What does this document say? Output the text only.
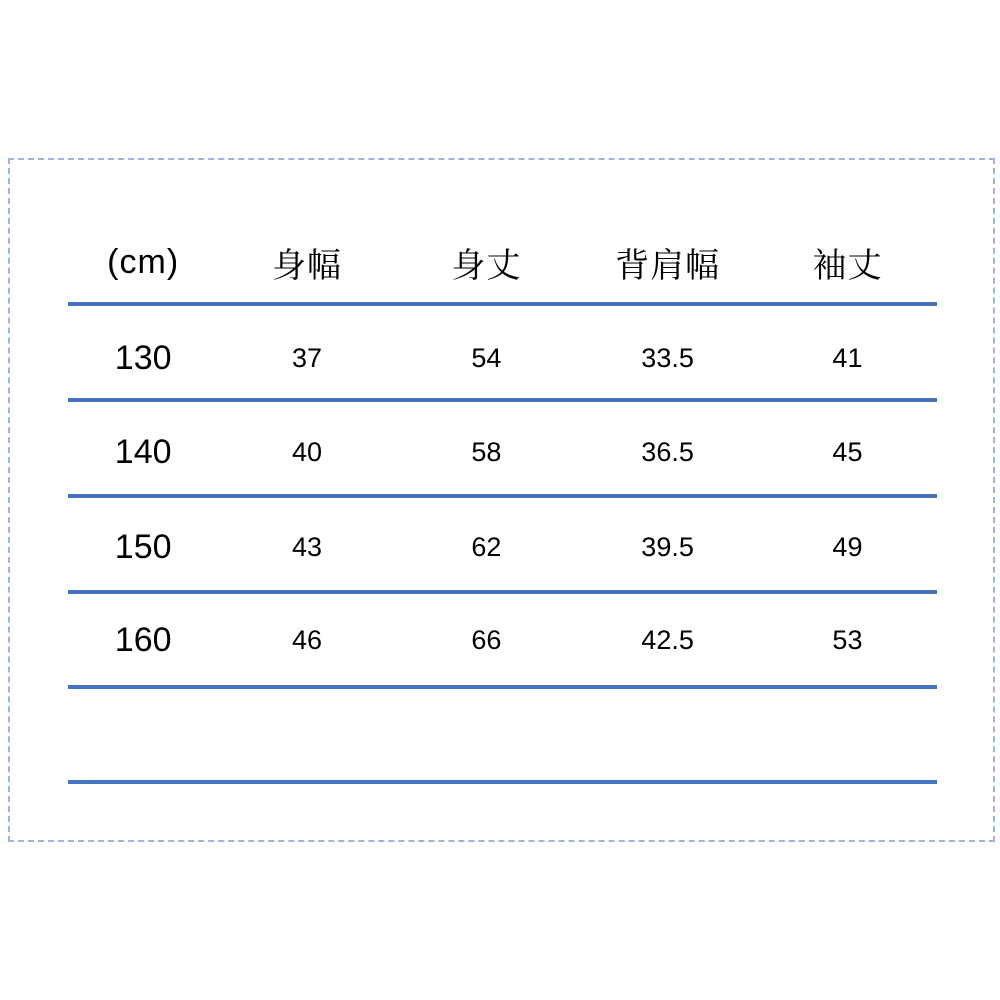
(cm)	身幅	身丈	背肩幅	袖丈
130	37	54	33.5	41
140	40	58	36.5	45
150	43	62	39.5	49
160	46	66	42.5	53
